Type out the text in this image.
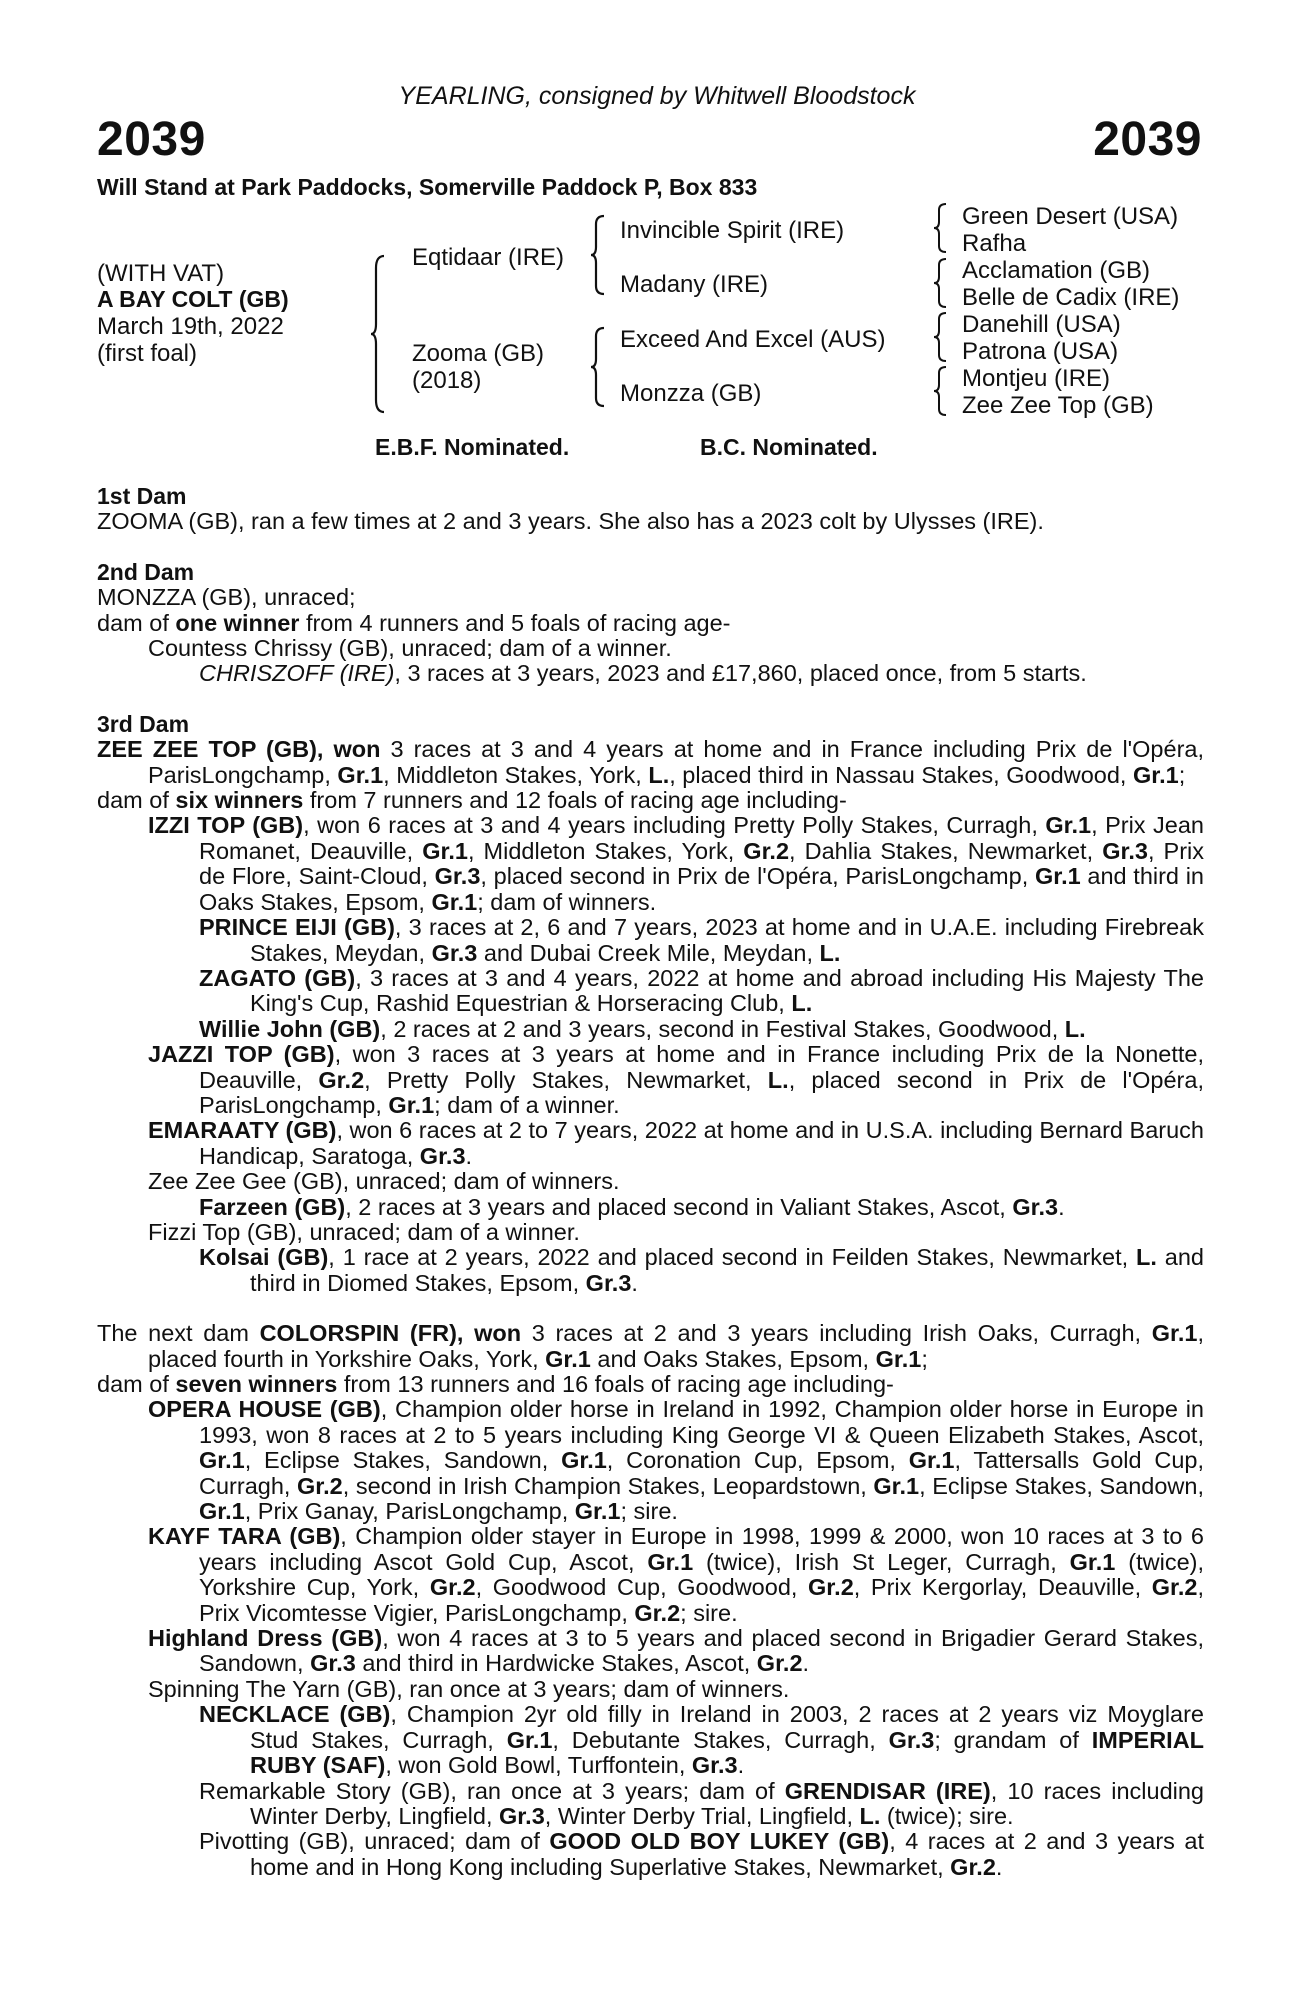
YEARLING, consigned by Whitwell Bloodstock
2039	2039
Will Stand at Park Paddocks, Somerville Paddock P, Box 833
(WITH VAT)
A BAY COLT (GB)
March 19th, 2022
(first foal)
Eqtidaar (IRE)
Zooma (GB)
(2018)
Invincible Spirit (IRE)
Madany (IRE)
Exceed And Excel (AUS)
Monzza (GB)
Green Desert (USA)
Rafha
Acclamation (GB)
Belle de Cadix (IRE)
Danehill (USA)
Patrona (USA)
Montjeu (IRE)
Zee Zee Top (GB)
E.B.F. Nominated.	B.C. Nominated.
1st Dam
ZOOMA (GB), ran a few times at 2 and 3 years. She also has a 2023 colt by Ulysses (IRE).
2nd Dam
MONZZA (GB), unraced;
dam of one winner from 4 runners and 5 foals of racing age-
Countess Chrissy (GB), unraced; dam of a winner.
CHRISZOFF (IRE), 3 races at 3 years, 2023 and £17,860, placed once, from 5 starts.
3rd Dam
ZEE ZEE TOP (GB), won 3 races at 3 and 4 years at home and in France including Prix de l'Opéra, ParisLongchamp, Gr.1, Middleton Stakes, York, L., placed third in Nassau Stakes, Goodwood, Gr.1;
dam of six winners from 7 runners and 12 foals of racing age including-
IZZI TOP (GB), won 6 races at 3 and 4 years including Pretty Polly Stakes, Curragh, Gr.1, Prix Jean Romanet, Deauville, Gr.1, Middleton Stakes, York, Gr.2, Dahlia Stakes, Newmarket, Gr.3, Prix de Flore, Saint-Cloud, Gr.3, placed second in Prix de l'Opéra, ParisLongchamp, Gr.1 and third in Oaks Stakes, Epsom, Gr.1; dam of winners.
PRINCE EIJI (GB), 3 races at 2, 6 and 7 years, 2023 at home and in U.A.E. including Firebreak Stakes, Meydan, Gr.3 and Dubai Creek Mile, Meydan, L.
ZAGATO (GB), 3 races at 3 and 4 years, 2022 at home and abroad including His Majesty The King's Cup, Rashid Equestrian & Horseracing Club, L.
Willie John (GB), 2 races at 2 and 3 years, second in Festival Stakes, Goodwood, L.
JAZZI TOP (GB), won 3 races at 3 years at home and in France including Prix de la Nonette, Deauville, Gr.2, Pretty Polly Stakes, Newmarket, L., placed second in Prix de l'Opéra, ParisLongchamp, Gr.1; dam of a winner.
EMARAATY (GB), won 6 races at 2 to 7 years, 2022 at home and in U.S.A. including Bernard Baruch Handicap, Saratoga, Gr.3.
Zee Zee Gee (GB), unraced; dam of winners.
Farzeen (GB), 2 races at 3 years and placed second in Valiant Stakes, Ascot, Gr.3.
Fizzi Top (GB), unraced; dam of a winner.
Kolsai (GB), 1 race at 2 years, 2022 and placed second in Feilden Stakes, Newmarket, L. and third in Diomed Stakes, Epsom, Gr.3.
The next dam COLORSPIN (FR), won 3 races at 2 and 3 years including Irish Oaks, Curragh, Gr.1, placed fourth in Yorkshire Oaks, York, Gr.1 and Oaks Stakes, Epsom, Gr.1;
dam of seven winners from 13 runners and 16 foals of racing age including-
OPERA HOUSE (GB), Champion older horse in Ireland in 1992, Champion older horse in Europe in 1993, won 8 races at 2 to 5 years including King George VI & Queen Elizabeth Stakes, Ascot, Gr.1, Eclipse Stakes, Sandown, Gr.1, Coronation Cup, Epsom, Gr.1, Tattersalls Gold Cup, Curragh, Gr.2, second in Irish Champion Stakes, Leopardstown, Gr.1, Eclipse Stakes, Sandown, Gr.1, Prix Ganay, ParisLongchamp, Gr.1; sire.
KAYF TARA (GB), Champion older stayer in Europe in 1998, 1999 & 2000, won 10 races at 3 to 6 years including Ascot Gold Cup, Ascot, Gr.1 (twice), Irish St Leger, Curragh, Gr.1 (twice), Yorkshire Cup, York, Gr.2, Goodwood Cup, Goodwood, Gr.2, Prix Kergorlay, Deauville, Gr.2, Prix Vicomtesse Vigier, ParisLongchamp, Gr.2; sire.
Highland Dress (GB), won 4 races at 3 to 5 years and placed second in Brigadier Gerard Stakes, Sandown, Gr.3 and third in Hardwicke Stakes, Ascot, Gr.2.
Spinning The Yarn (GB), ran once at 3 years; dam of winners.
NECKLACE (GB), Champion 2yr old filly in Ireland in 2003, 2 races at 2 years viz Moyglare Stud Stakes, Curragh, Gr.1, Debutante Stakes, Curragh, Gr.3; grandam of IMPERIAL RUBY (SAF), won Gold Bowl, Turffontein, Gr.3.
Remarkable Story (GB), ran once at 3 years; dam of GRENDISAR (IRE), 10 races including Winter Derby, Lingfield, Gr.3, Winter Derby Trial, Lingfield, L. (twice); sire.
Pivotting (GB), unraced; dam of GOOD OLD BOY LUKEY (GB), 4 races at 2 and 3 years at home and in Hong Kong including Superlative Stakes, Newmarket, Gr.2.
